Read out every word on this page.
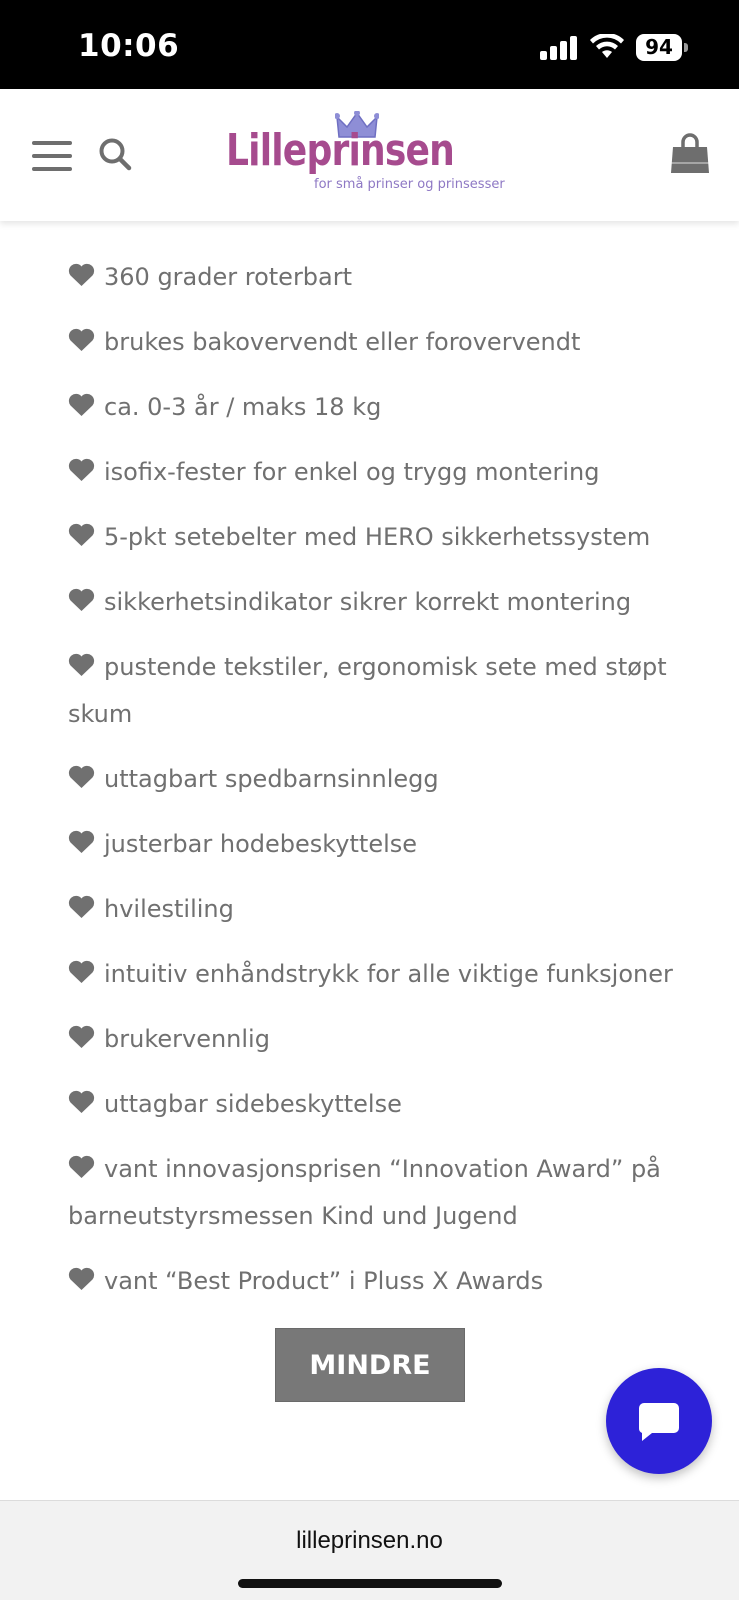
10:06	94
Lilleprinsen
for små prinser og prinsesser
360 grader roterbart
brukes bakovervendt eller forovervendt
ca. 0-3 år / maks 18 kg
isofix-fester for enkel og trygg montering
5-pkt setebelter med HERO sikkerhetssystem
sikkerhetsindikator sikrer korrekt montering
pustende tekstiler, ergonomisk sete med støpt skum
uttagbart spedbarnsinnlegg
justerbar hodebeskyttelse
hvilestiling
intuitiv enhåndstrykk for alle viktige funksjoner
brukervennlig
uttagbar sidebeskyttelse
vant innovasjonsprisen “Innovation Award” på barneutstyrsmessen Kind und Jugend
vant “Best Product” i Pluss X Awards
MINDRE
lilleprinsen.no
